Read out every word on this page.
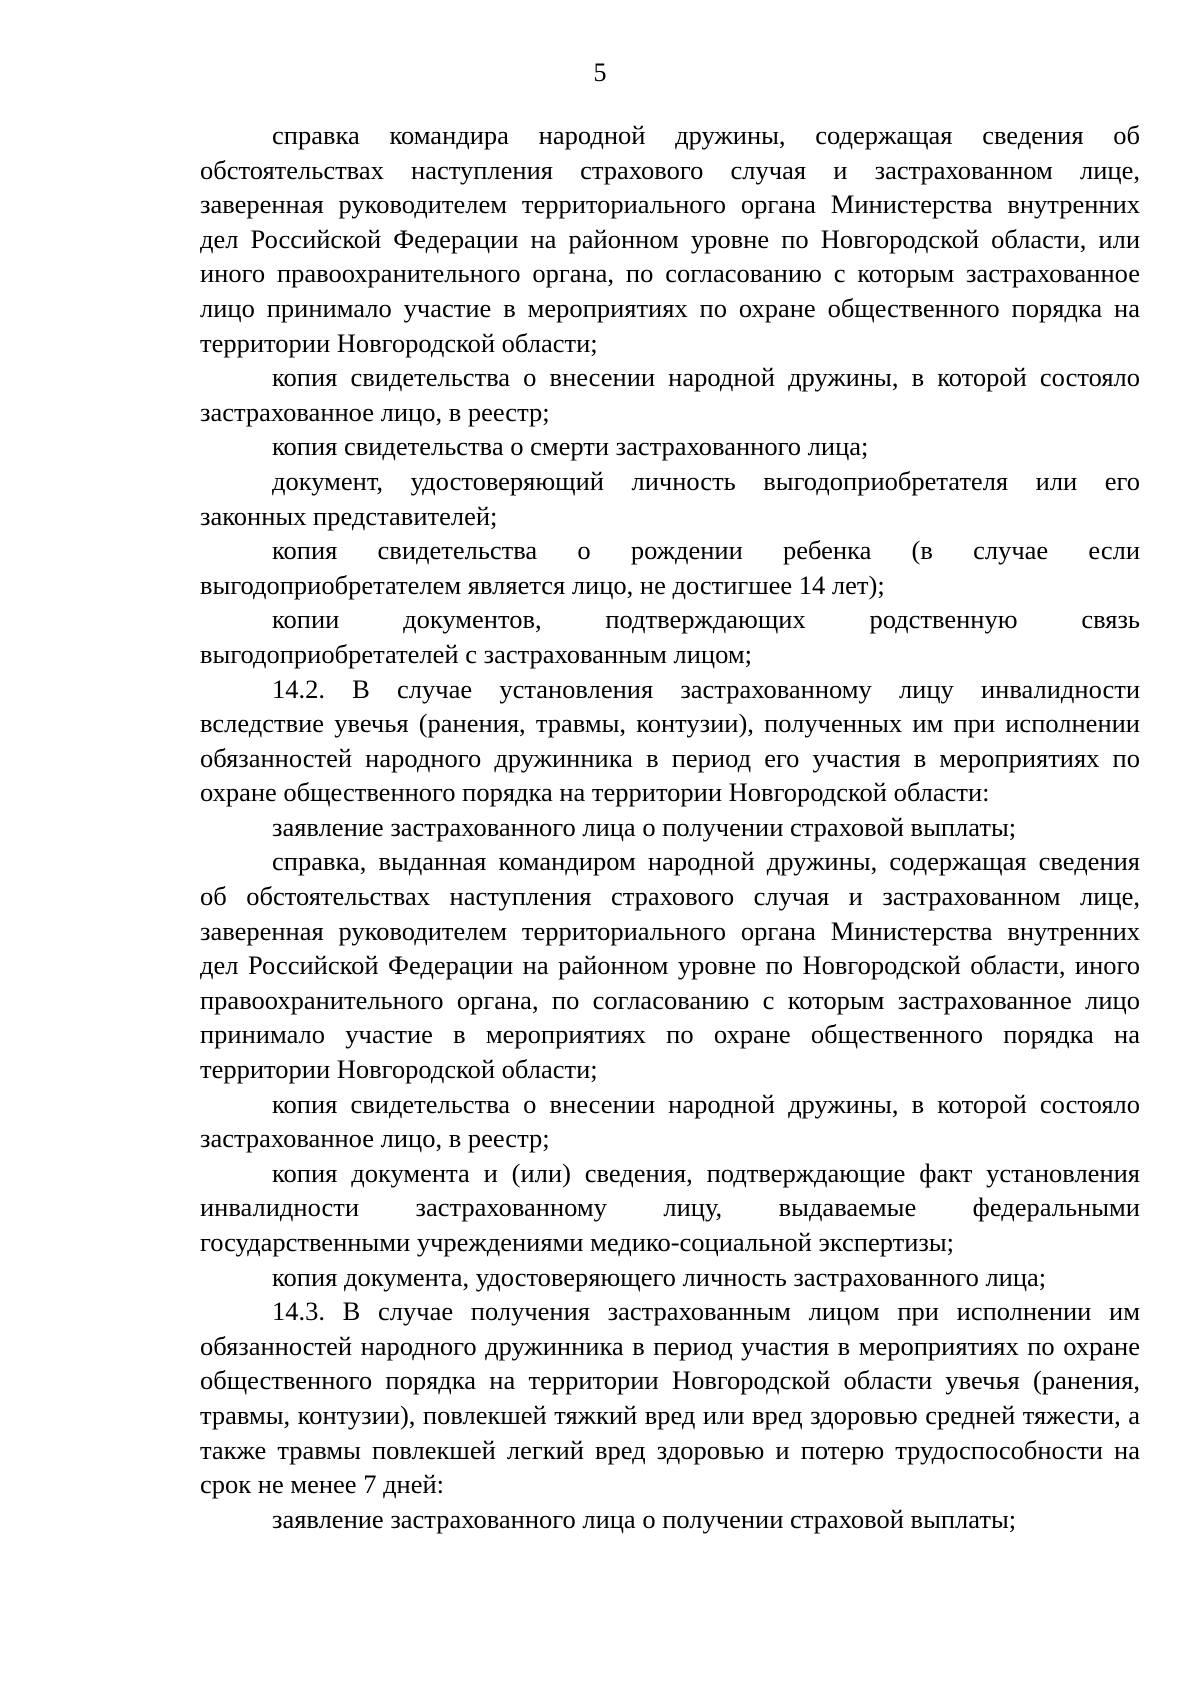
5

справка командира народной дружины, содержащая сведения об обстоятельствах наступления страхового случая и застрахованном лице, заверенная руководителем территориального органа Министерства внутренних дел Российской Федерации на районном уровне по Новгородской области, или иного правоохранительного органа, по согласованию с которым застрахованное лицо принимало участие в мероприятиях по охране общественного порядка на территории Новгородской области;

копия свидетельства о внесении народной дружины, в которой состояло застрахованное лицо, в реестр;

копия свидетельства о смерти застрахованного лица;

документ, удостоверяющий личность выгодоприобретателя или его законных представителей;

копия свидетельства о рождении ребенка (в случае если выгодоприобретателем является лицо, не достигшее 14 лет);

копии документов, подтверждающих родственную связь выгодоприобретателей с застрахованным лицом;

14.2. В случае установления застрахованному лицу инвалидности вследствие увечья (ранения, травмы, контузии), полученных им при исполнении обязанностей народного дружинника в период его участия в мероприятиях по охране общественного порядка на территории Новгородской области:

заявление застрахованного лица о получении страховой выплаты;

справка, выданная командиром народной дружины, содержащая сведения об обстоятельствах наступления страхового случая и застрахованном лице, заверенная руководителем территориального органа Министерства внутренних дел Российской Федерации на районном уровне по Новгородской области, иного правоохранительного органа, по согласованию с которым застрахованное лицо принимало участие в мероприятиях по охране общественного порядка на территории Новгородской области;

копия свидетельства о внесении народной дружины, в которой состояло застрахованное лицо, в реестр;

копия документа и (или) сведения, подтверждающие факт установления инвалидности застрахованному лицу, выдаваемые федеральными государственными учреждениями медико-социальной экспертизы;

копия документа, удостоверяющего личность застрахованного лица;

14.3. В случае получения застрахованным лицом при исполнении им обязанностей народного дружинника в период участия в мероприятиях по охране общественного порядка на территории Новгородской области увечья (ранения, травмы, контузии), повлекшей тяжкий вред или вред здоровью средней тяжести, а также травмы повлекшей легкий вред здоровью и потерю трудоспособности на срок не менее 7 дней:

заявление застрахованного лица о получении страховой выплаты;
